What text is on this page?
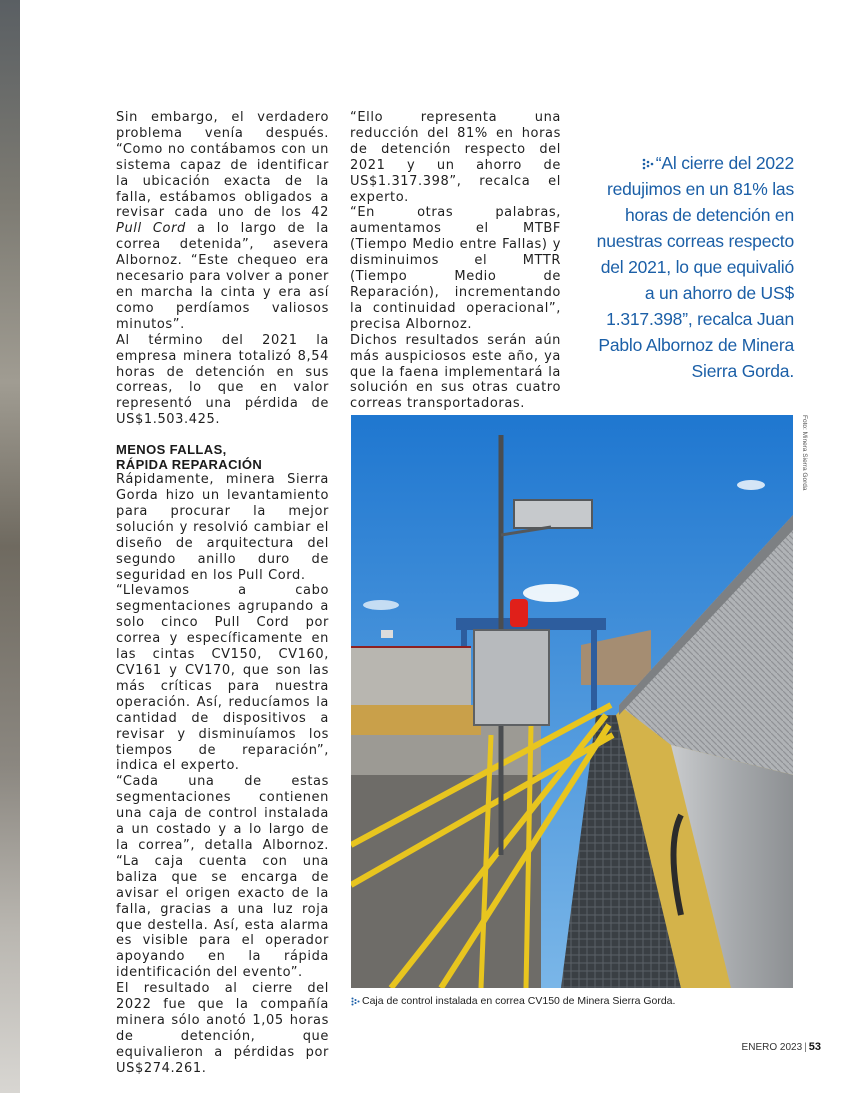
Sin embargo, el verdadero problema venía después. “Como no contábamos con un sistema capaz de identificar la ubicación exacta de la falla, estábamos obligados a revisar cada uno de los 42 Pull Cord a lo largo de la correa detenida”, asevera Albornoz. “Este chequeo era necesario para volver a poner en marcha la cinta y era así como perdíamos valiosos minutos”.

Al término del 2021 la empresa minera totalizó 8,54 horas de detención en sus correas, lo que en valor representó una pérdida de US$1.503.425.

MENOS FALLAS,
RÁPIDA REPARACIÓN

Rápidamente, minera Sierra Gorda hizo un levantamiento para procurar la mejor solución y resolvió cambiar el diseño de arquitectura del segundo anillo duro de seguridad en los Pull Cord.

“Llevamos a cabo segmentaciones agrupando a solo cinco Pull Cord por correa y específicamente en las cintas CV150, CV160, CV161 y CV170, que son las más críticas para nuestra operación. Así, reducíamos la cantidad de dispositivos a revisar y disminuíamos los tiempos de reparación”, indica el experto.

“Cada una de estas segmentaciones contienen una caja de control instalada a un costado y a lo largo de la correa”, detalla Albornoz. “La caja cuenta con una baliza que se encarga de avisar el origen exacto de la falla, gracias a una luz roja que destella. Así, esta alarma es visible para el operador apoyando en la rápida identificación del evento”.

El resultado al cierre del 2022 fue que la compañía minera sólo anotó 1,05 horas de detención, que equivalieron a pérdidas por US$274.261.

“Ello representa una reducción del 81% en horas de detención respecto del 2021 y un ahorro de US$1.317.398”, recalca el experto.

“En otras palabras, aumentamos el MTBF (Tiempo Medio entre Fallas) y disminuimos el MTTR (Tiempo Medio de Reparación), incrementando la continuidad operacional”, precisa Albornoz.

Dichos resultados serán aún más auspiciosos este año, ya que la faena implementará la solución en sus otras cuatro correas transportadoras.

“Al cierre del 2022 redujimos en un 81% las horas de detención en nuestras correas respecto del 2021, lo que equivalió a un ahorro de US$ 1.317.398”, recalca Juan Pablo Albornoz de Minera Sierra Gorda.
Foto: Minera Sierra Gorda
Caja de control instalada en correa CV150 de Minera Sierra Gorda.
ENERO 2023 | 53
